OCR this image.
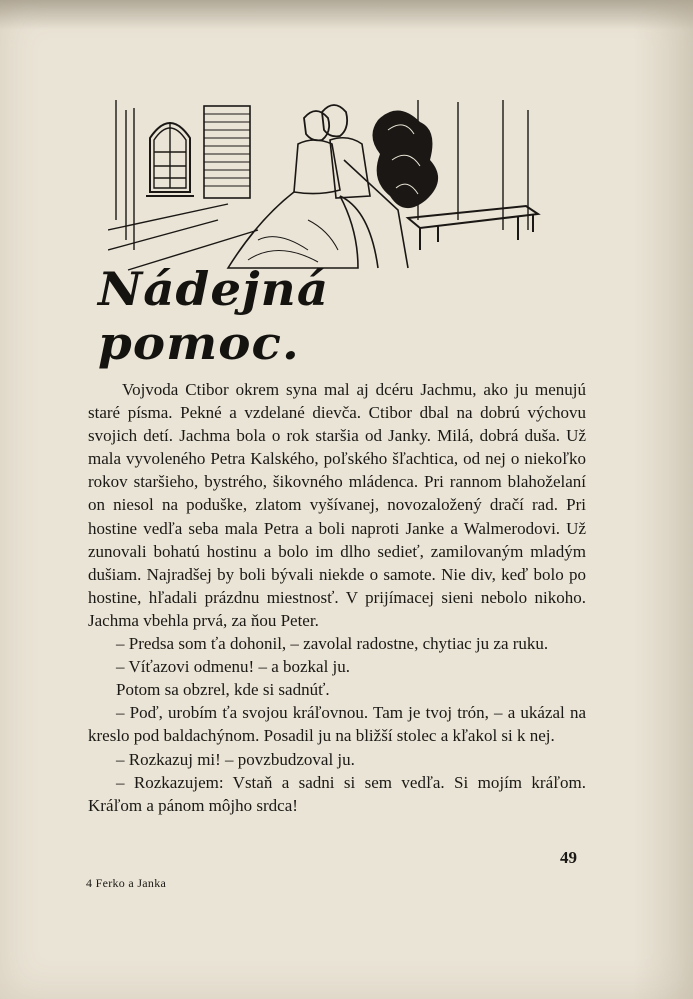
Nádejná pomoc.

Vojvoda Ctibor okrem syna mal aj dcéru Jachmu, ako ju menujú staré písma. Pekné a vzdelané dievča. Ctibor dbal na dobrú výchovu svojich detí. Jachma bola o rok staršia od Janky. Milá, dobrá duša. Už mala vyvoleného Petra Kalského, poľského šľachtica, od nej o niekoľko rokov staršieho, bystrého, šikovného mládenca. Pri rannom blahoželaní on niesol na poduške, zlatom vyšívanej, novozaložený dračí rad. Pri hostine vedľa seba mala Petra a boli naproti Janke a Walmerodovi. Už zunovali bohatú hostinu a bolo im dlho sedieť, zamilovaným mladým dušiam. Najradšej by boli bývali niekde o samote. Nie div, keď bolo po hostine, hľadali prázdnu miestnosť. V prijímacej sieni nebolo nikoho. Jachma vbehla prvá, za ňou Peter.

– Predsa som ťa dohonil, – zavolal radostne, chytiac ju za ruku.

– Víťazovi odmenu! – a bozkal ju.

Potom sa obzrel, kde si sadnúť.

– Poď, urobím ťa svojou kráľovnou. Tam je tvoj trón, – a ukázal na kreslo pod baldachýnom. Posadil ju na bližší stolec a kľakol si k nej.

– Rozkazuj mi! – povzbudzoval ju.

– Rozkazujem: Vstaň a sadni si sem vedľa. Si mojím kráľom. Kráľom a pánom môjho srdca!

49
4 Ferko a Janka
